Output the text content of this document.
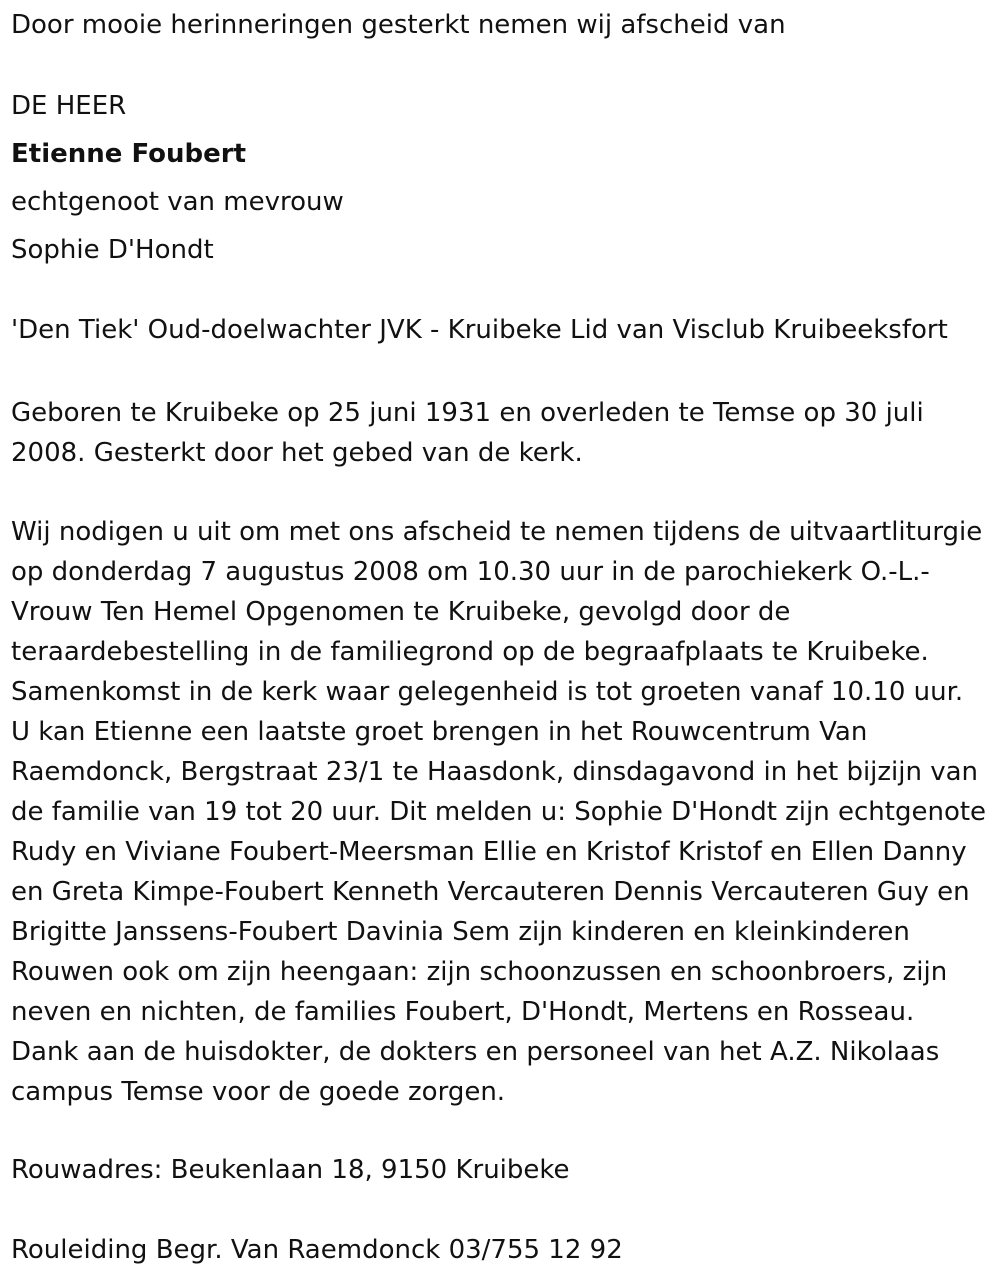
Door mooie herinneringen gesterkt nemen wij afscheid van

DE HEER

Etienne Foubert

echtgenoot van mevrouw

Sophie D'Hondt

'Den Tiek' Oud-doelwachter JVK - Kruibeke Lid van Visclub Kruibeeksfort

Geboren te Kruibeke op 25 juni 1931 en overleden te Temse op 30 juli 2008. Gesterkt door het gebed van de kerk.

Wij nodigen u uit om met ons afscheid te nemen tijdens de uitvaartliturgie op donderdag 7 augustus 2008 om 10.30 uur in de parochiekerk O.-L.-Vrouw Ten Hemel Opgenomen te Kruibeke, gevolgd door de teraardebestelling in de familiegrond op de begraafplaats te Kruibeke. Samenkomst in de kerk waar gelegenheid is tot groeten vanaf 10.10 uur. U kan Etienne een laatste groet brengen in het Rouwcentrum Van Raemdonck, Bergstraat 23/1 te Haasdonk, dinsdagavond in het bijzijn van de familie van 19 tot 20 uur. Dit melden u: Sophie D'Hondt zijn echtgenote Rudy en Viviane Foubert-Meersman Ellie en Kristof Kristof en Ellen Danny en Greta Kimpe-Foubert Kenneth Vercauteren Dennis Vercauteren Guy en Brigitte Janssens-Foubert Davinia Sem zijn kinderen en kleinkinderen Rouwen ook om zijn heengaan: zijn schoonzussen en schoonbroers, zijn neven en nichten, de families Foubert, D'Hondt, Mertens en Rosseau. Dank aan de huisdokter, de dokters en personeel van het A.Z. Nikolaas campus Temse voor de goede zorgen.

Rouwadres: Beukenlaan 18, 9150 Kruibeke

Rouleiding Begr. Van Raemdonck 03/755 12 92
